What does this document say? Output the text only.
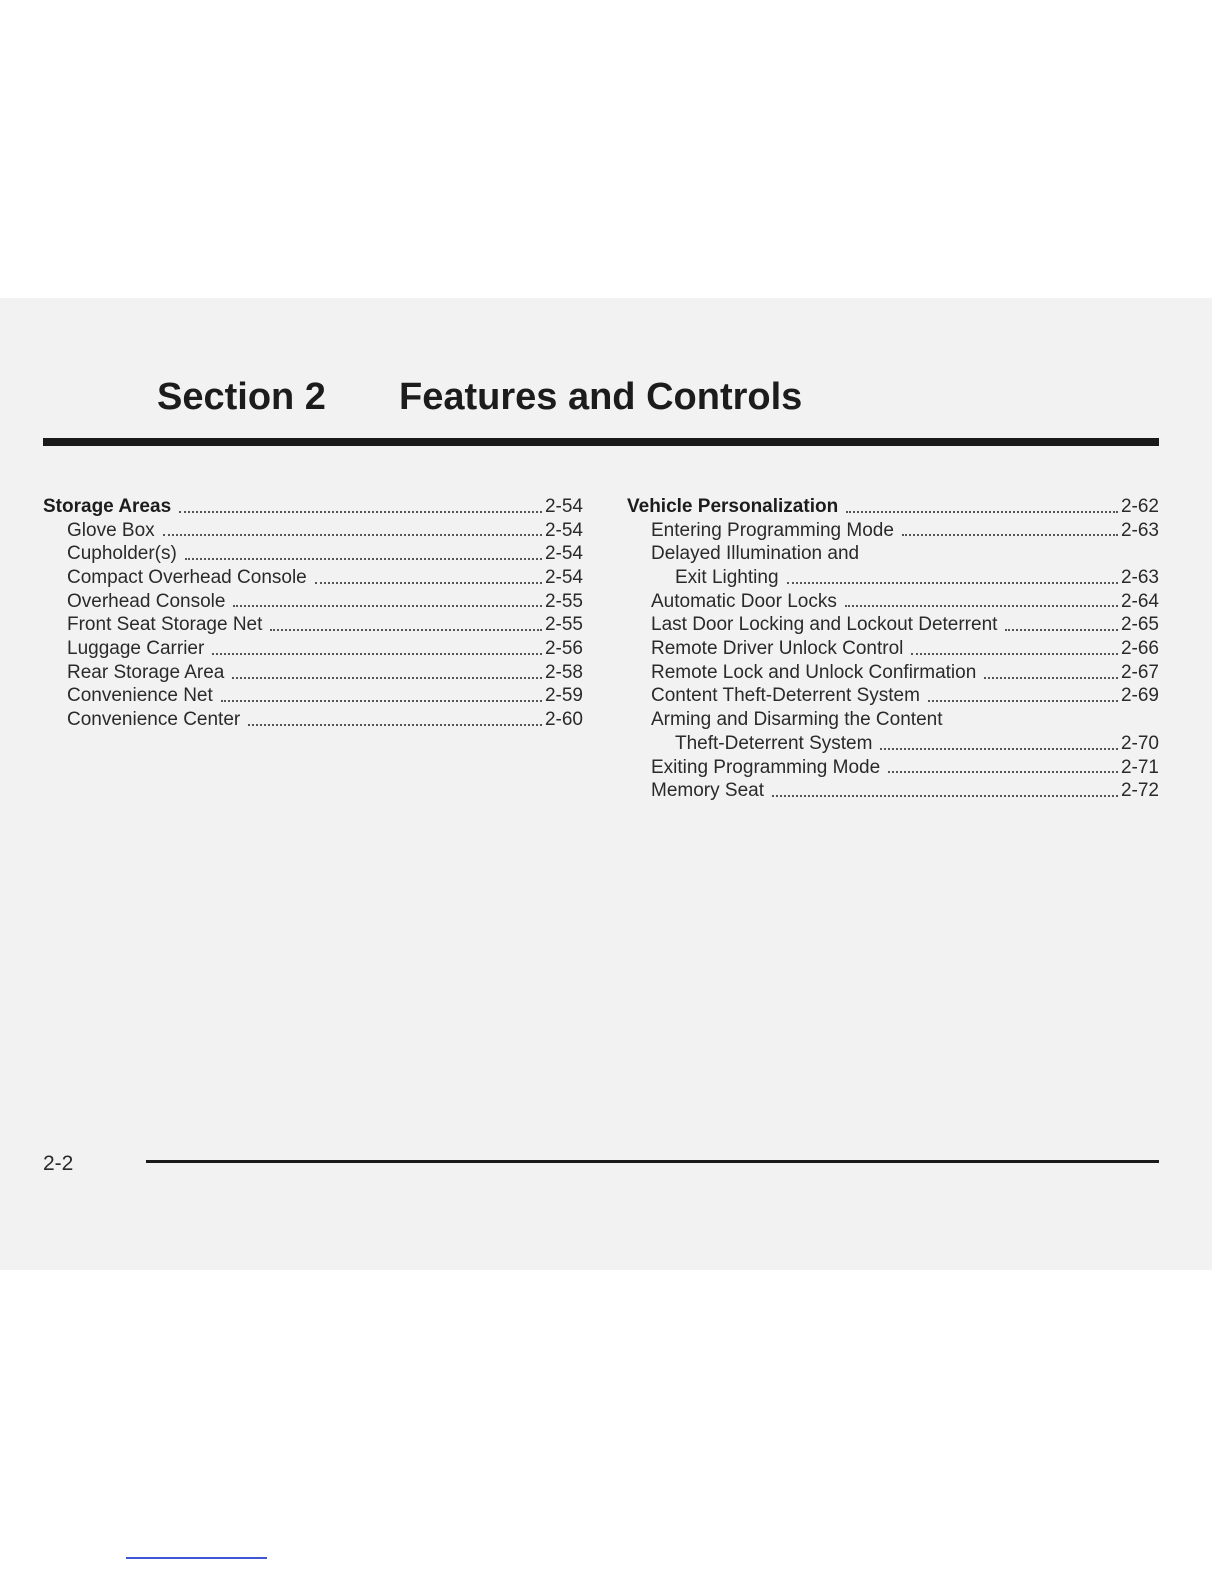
Section 2 Features and Controls
Storage Areas	2-54
Glove Box	2-54
Cupholder(s)	2-54
Compact Overhead Console	2-54
Overhead Console	2-55
Front Seat Storage Net	2-55
Luggage Carrier	2-56
Rear Storage Area	2-58
Convenience Net	2-59
Convenience Center	2-60
Vehicle Personalization	2-62
Entering Programming Mode	2-63
Delayed Illumination and
Exit Lighting	2-63
Automatic Door Locks	2-64
Last Door Locking and Lockout Deterrent	2-65
Remote Driver Unlock Control	2-66
Remote Lock and Unlock Confirmation	2-67
Content Theft-Deterrent System	2-69
Arming and Disarming the Content
Theft-Deterrent System	2-70
Exiting Programming Mode	2-71
Memory Seat	2-72
2-2
